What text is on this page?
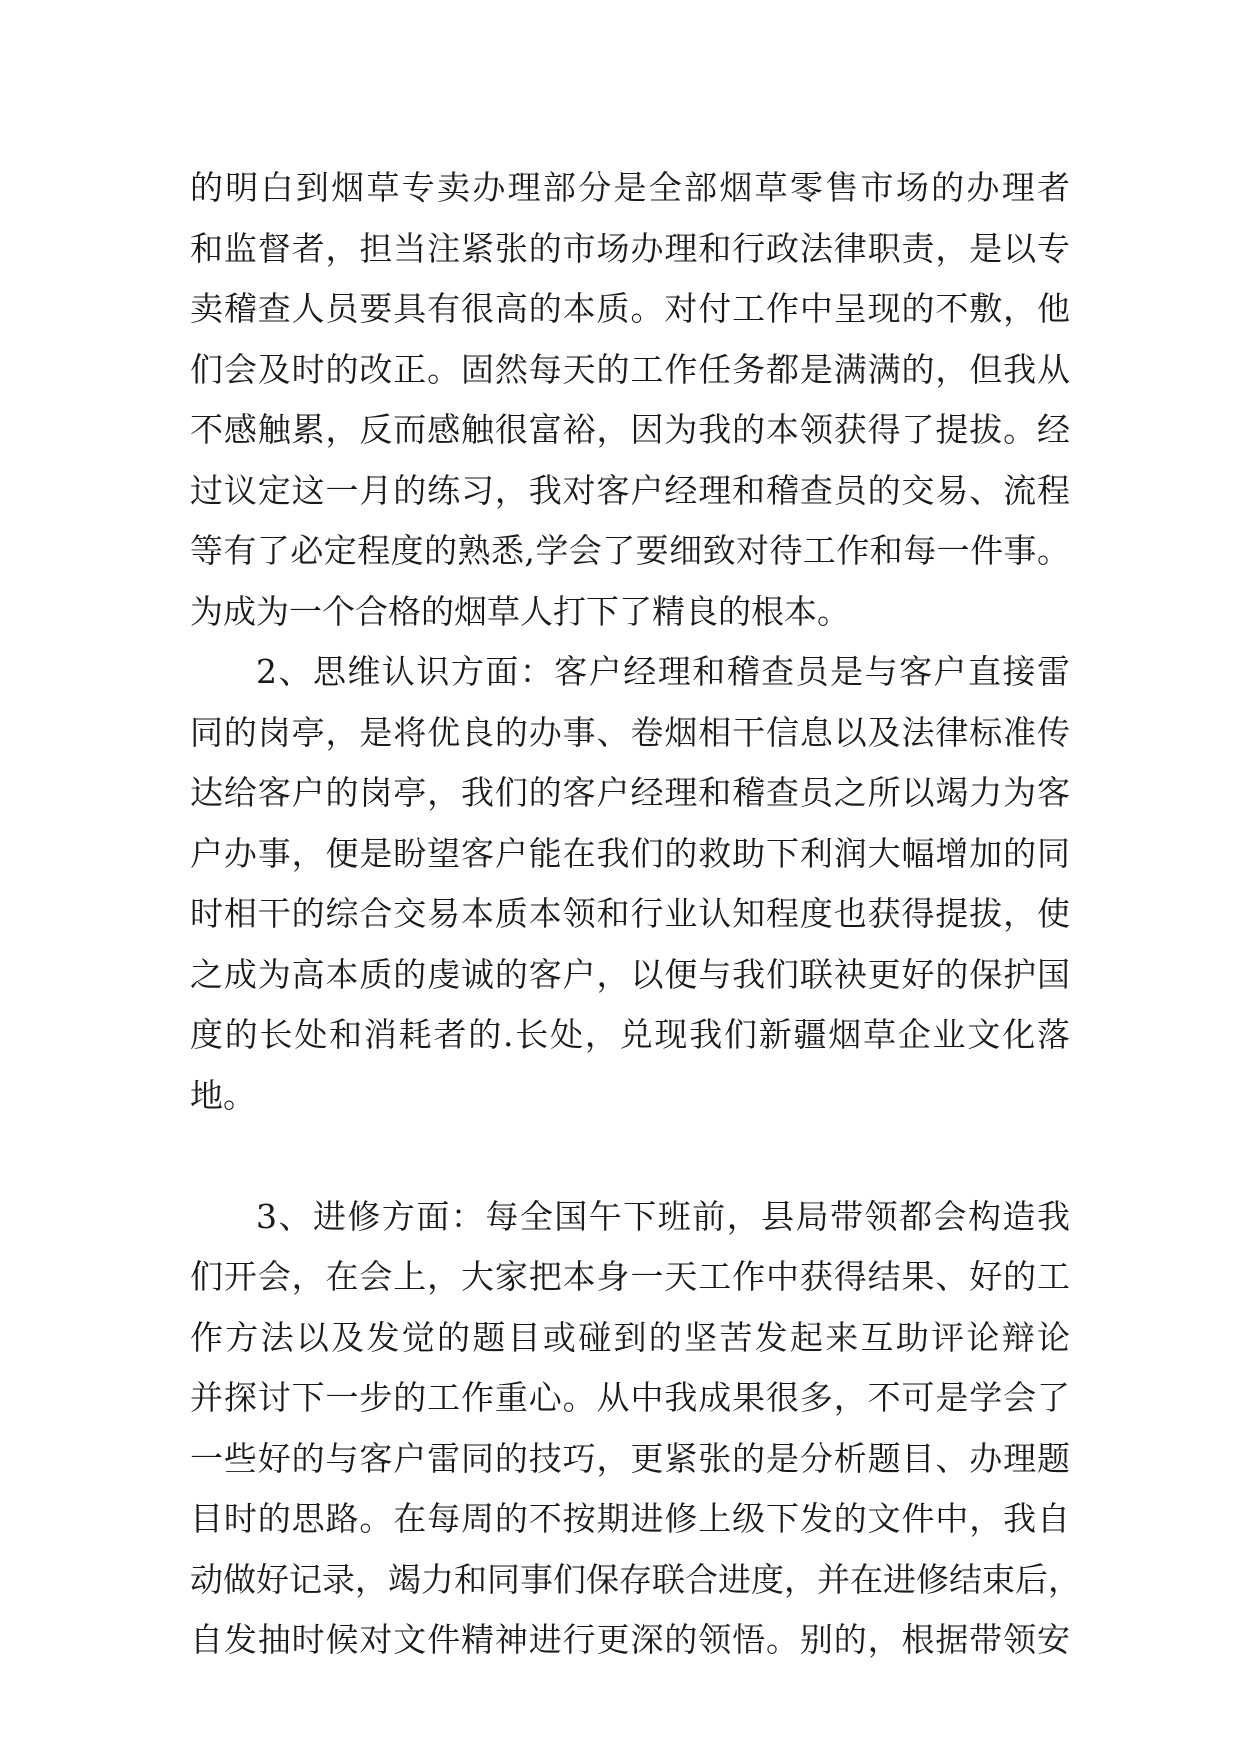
的明白到烟草专卖办理部分是全部烟草零售市场的办理者
和监督者，担当注紧张的市场办理和行政法律职责，是以专
卖稽查人员要具有很高的本质。对付工作中呈现的不敷，他
们会及时的改正。固然每天的工作任务都是满满的，但我从
不感触累，反而感触很富裕，因为我的本领获得了提拔。经
过议定这一月的练习，我对客户经理和稽查员的交易、流程
等有了必定程度的熟悉,学会了要细致对待工作和每一件事。
为成为一个合格的烟草人打下了精良的根本。
2、思维认识方面：客户经理和稽查员是与客户直接雷
同的岗亭，是将优良的办事、卷烟相干信息以及法律标准传
达给客户的岗亭，我们的客户经理和稽查员之所以竭力为客
户办事，便是盼望客户能在我们的救助下利润大幅增加的同
时相干的综合交易本质本领和行业认知程度也获得提拔，使
之成为高本质的虔诚的客户，以便与我们联袂更好的保护国
度的长处和消耗者的.长处，兑现我们新疆烟草企业文化落
地。
3、进修方面：每全国午下班前，县局带领都会构造我
们开会，在会上，大家把本身一天工作中获得结果、好的工
作方法以及发觉的题目或碰到的坚苦发起来互助评论辩论
并探讨下一步的工作重心。从中我成果很多，不可是学会了
一些好的与客户雷同的技巧，更紧张的是分析题目、办理题
目时的思路。在每周的不按期进修上级下发的文件中，我自
动做好记录，竭力和同事们保存联合进度，并在进修结束后，
自发抽时候对文件精神进行更深的领悟。别的，根据带领安
